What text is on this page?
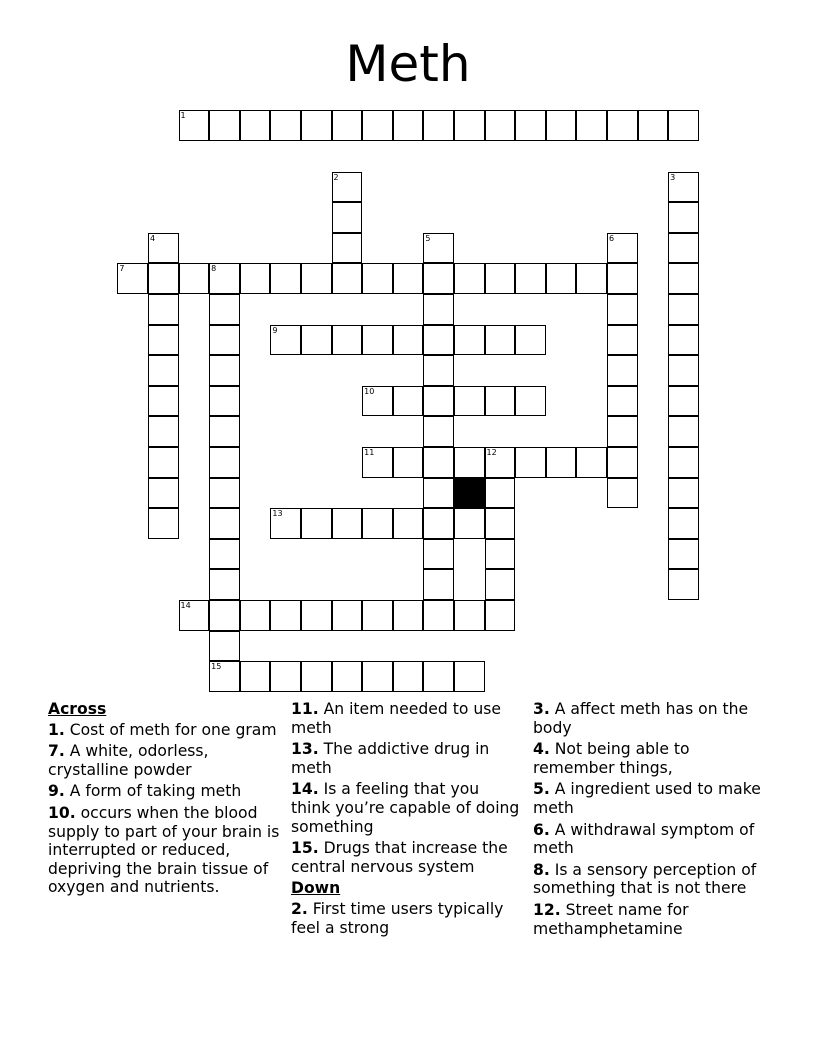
Meth
1
2	3
4	5	6
7	8
15
9
10
11	12
13
14
Across
1. Cost of meth for one gram
7. A white, odorless, crystalline powder
9. A form of taking meth
10. occurs when the blood supply to part of your brain is interrupted or reduced, depriving the brain tissue of oxygen and nutrients.
11. An item needed to use meth
13. The addictive drug in meth
14. Is a feeling that you think you’re capable of doing something
15. Drugs that increase the central nervous system
Down
2. First time users typically feel a strong
3. A affect meth has on the body
4. Not being able to remember things,
5. A ingredient used to make meth
6. A withdrawal symptom of meth
8. Is a sensory perception of something that is not there
12. Street name for methamphetamine
